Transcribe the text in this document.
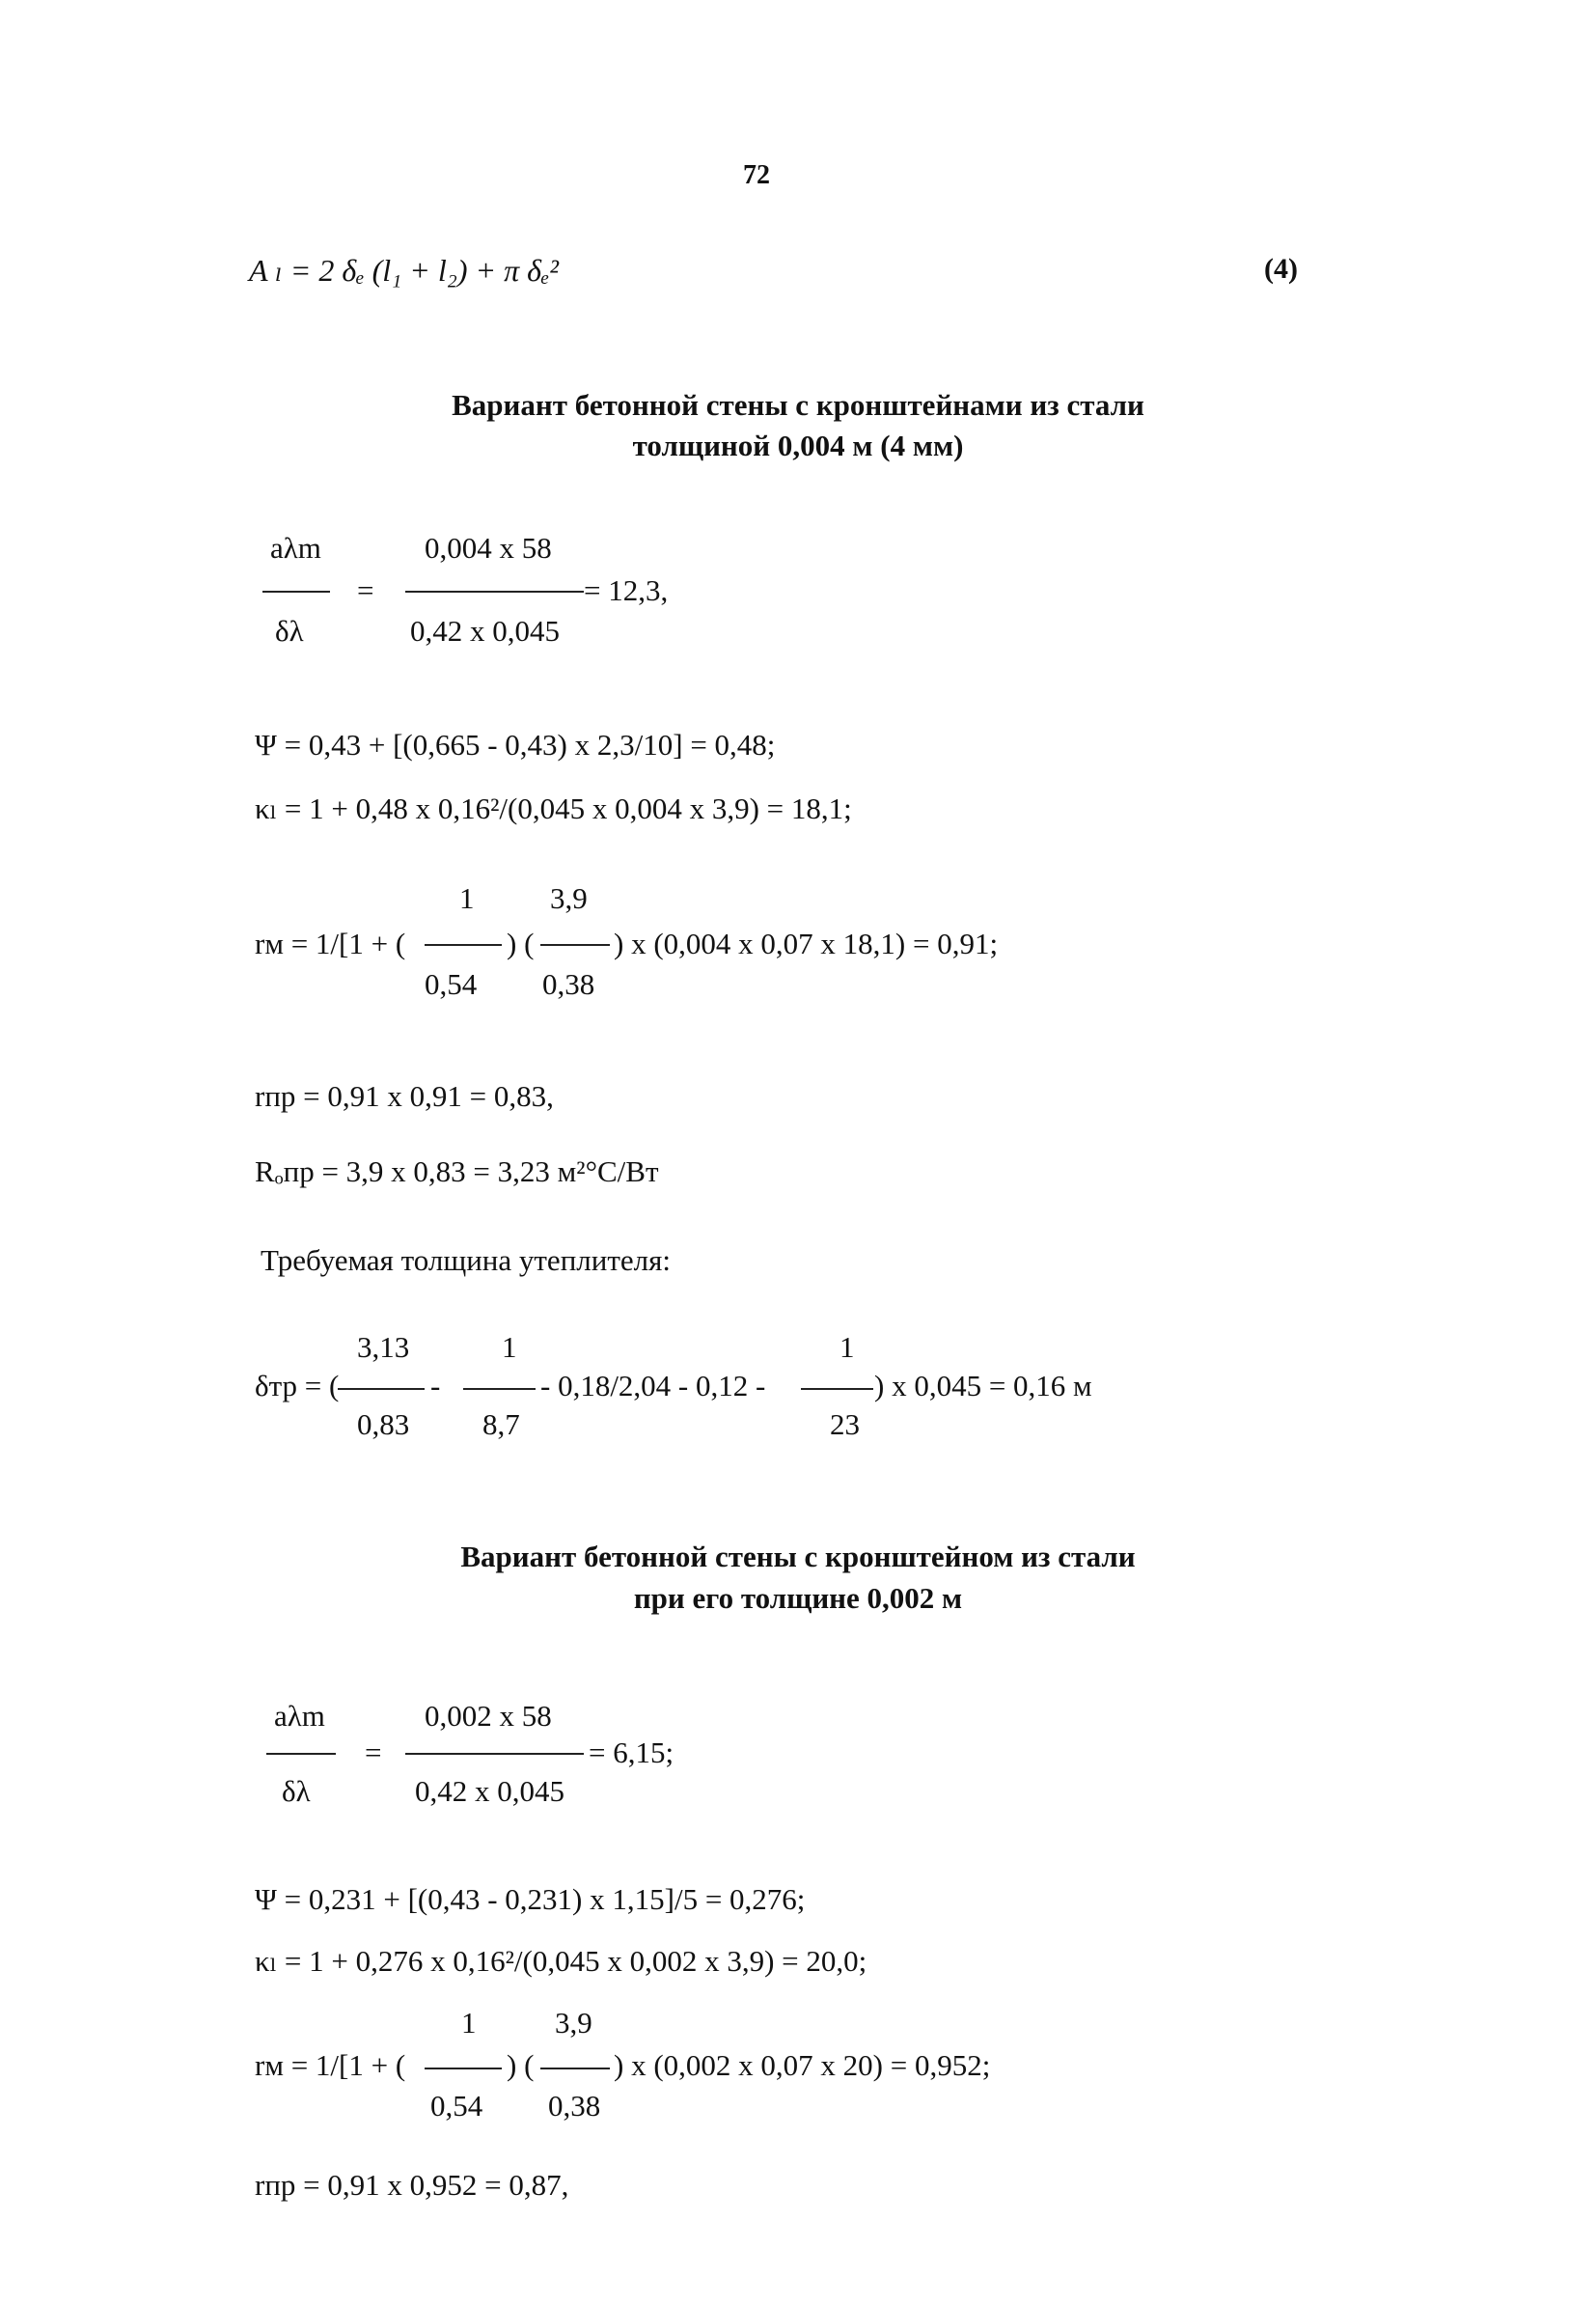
72
A ₗ = 2 δₑ (l₁ + l₂) + π δₑ²	(4)
Вариант бетонной стены с кронштейнами из стали
толщиной 0,004 м (4 мм)
aλm
δλ
=
0,004 x 58
0,42 x 0,045
= 12,3,
Ψ = 0,43 + [(0,665 - 0,43) x 2,3/10] = 0,48;
κₗ = 1 + 0,48 x 0,16²/(0,045 x 0,004 x 3,9) = 18,1;
1	3,9
rм = 1/[1 + (	) (	) x (0,004 x 0,07 x 18,1) = 0,91;
0,54 0,38
rпр = 0,91 x 0,91 = 0,83,
Rₒпр = 3,9 x 0,83 = 3,23 м²°С/Вт
Требуемая толщина утеплителя:
3,13	1	1
δтр = (	-	- 0,18/2,04 - 0,12 -	) x 0,045 = 0,16 м
0,83 8,7	23
Вариант бетонной стены с кронштейном из стали
при его толщине 0,002 м
aλm
δλ
=
0,002 x 58
0,42 x 0,045
= 6,15;
Ψ = 0,231 + [(0,43 - 0,231) x 1,15]/5 = 0,276;
κₗ = 1 + 0,276 x 0,16²/(0,045 x 0,002 x 3,9) = 20,0;
1	3,9
rм = 1/[1 + (	) (	) x (0,002 x 0,07 x 20) = 0,952;
0,54 0,38
rпр = 0,91 x 0,952 = 0,87,
